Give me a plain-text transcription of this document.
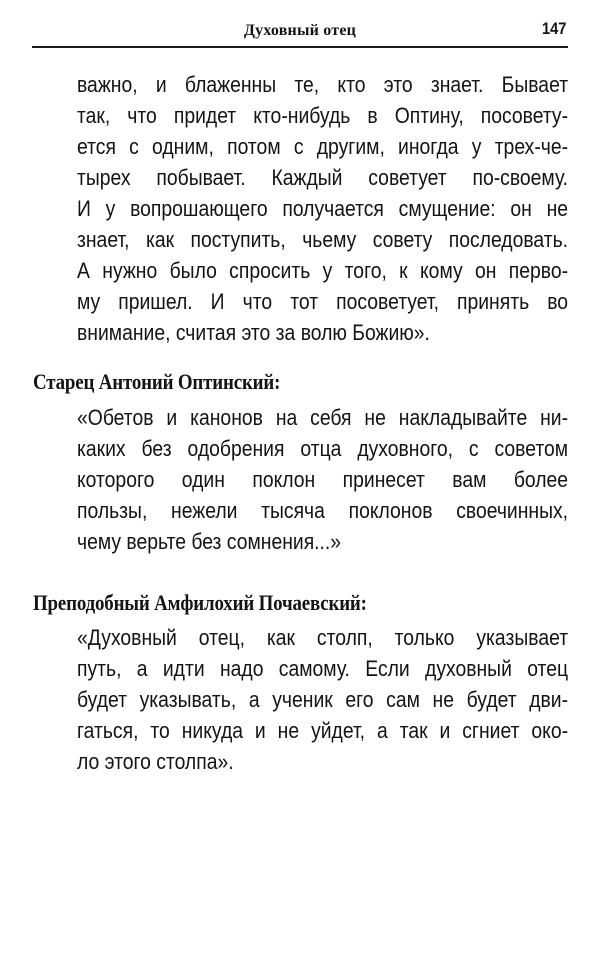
Духовный отец	147
важно, и блаженны те, кто это знает. Бывает
так, что придет кто-нибудь в Оптину, посовету-
ется с одним, потом с другим, иногда у трех-че-
тырех побывает. Каждый советует по-своему.
И у вопрошающего получается смущение: он не
знает, как поступить, чьему совету последовать.
А нужно было спросить у того, к кому он перво-
му пришел. И что тот посоветует, принять во
внимание, считая это за волю Божию».
Старец Антоний Оптинский:
«Обетов и канонов на себя не накладывайте ни-
каких без одобрения отца духовного, с советом
которого один поклон принесет вам более
пользы, нежели тысяча поклонов своечинных,
чему верьте без сомнения...»
Преподобный Амфилохий Почаевский:
«Духовный отец, как столп, только указывает
путь, а идти надо самому. Если духовный отец
будет указывать, а ученик его сам не будет дви-
гаться, то никуда и не уйдет, а так и сгниет око-
ло этого столпа».
